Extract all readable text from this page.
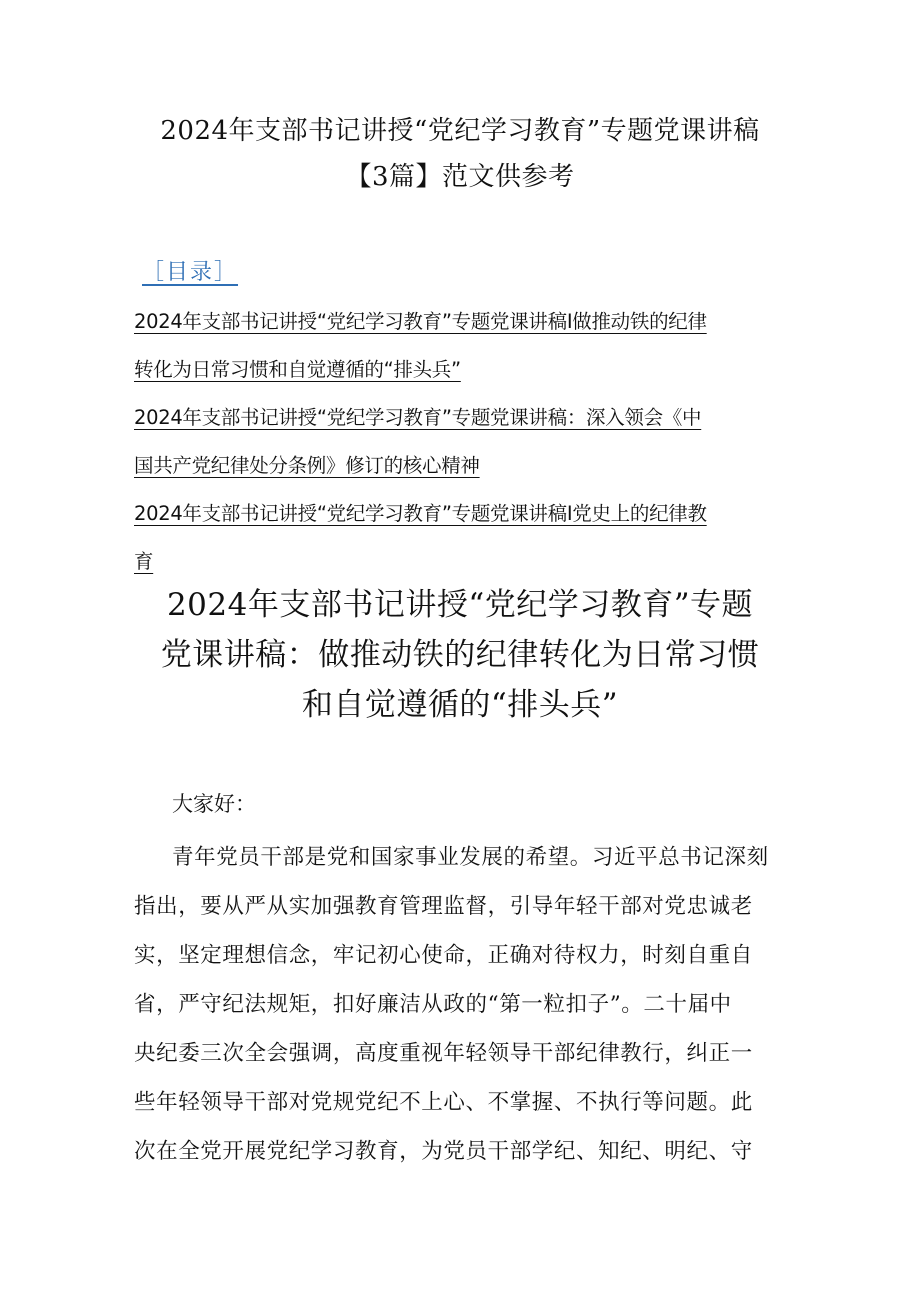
2024年支部书记讲授“党纪学习教育”专题党课讲稿
【3篇】范文供参考
［目录］
2024年支部书记讲授“党纪学习教育”专题党课讲稿I做推动铁的纪律
转化为日常习惯和自觉遵循的“排头兵”
2024年支部书记讲授“党纪学习教育”专题党课讲稿：深入领会《中
国共产党纪律处分条例》修订的核心精神
2024年支部书记讲授“党纪学习教育”专题党课讲稿I党史上的纪律教
育
2024年支部书记讲授“党纪学习教育”专题
党课讲稿：做推动铁的纪律转化为日常习惯
和自觉遵循的“排头兵”

大家好：

青年党员干部是党和国家事业发展的希望。习近平总书记深刻

指出，要从严从实加强教育管理监督，引导年轻干部对党忠诚老

实，坚定理想信念，牢记初心使命，正确对待权力，时刻自重自

省，严守纪法规矩，扣好廉洁从政的“第一粒扣子”。二十届中

央纪委三次全会强调，高度重视年轻领导干部纪律教行，纠正一

些年轻领导干部对党规党纪不上心、不掌握、不执行等问题。此

次在全党开展党纪学习教育，为党员干部学纪、知纪、明纪、守
